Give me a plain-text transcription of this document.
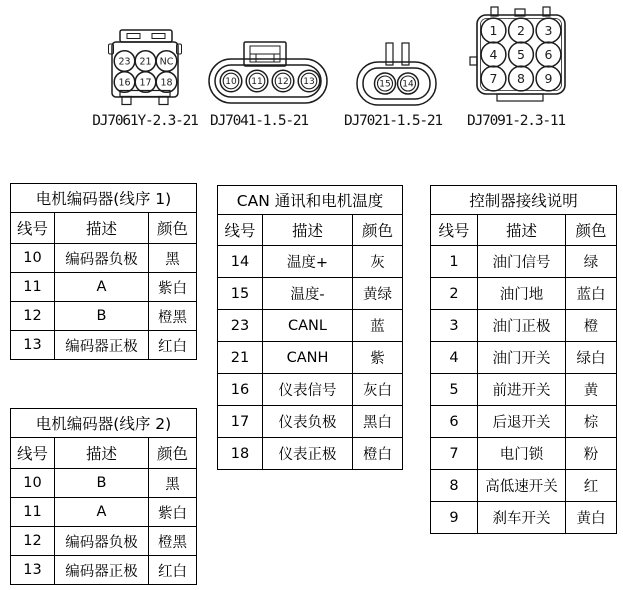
23 21 NC
16 17 18
DJ7061Y-2.3-21
10 11 12 13
DJ7041-1.5-21
15 14
DJ7021-1.5-21
1 2 3
4 5 6
7 8 9
DJ7091-2.3-11
电机编码器(线序 1)		
线号	描述	颜色
10	编码器负极	黑
11	A	紫白
12	B	橙黑
13	编码器正极	红白
电机编码器(线序 2)		
线号	描述	颜色
10	B	黑
11	A	紫白
12	编码器负极	橙黑
13	编码器正极	红白
CAN 通讯和电机温度		
线号	描述	颜色
14	温度+	灰
15	温度-	黄绿
23	CANL	蓝
21	CANH	紫
16	仪表信号	灰白
17	仪表负极	黑白
18	仪表正极	橙白
控制器接线说明		
线号	描述	颜色
1	油门信号	绿
2	油门地	蓝白
3	油门正极	橙
4	油门开关	绿白
5	前进开关	黄
6	后退开关	棕
7	电门锁	粉
8	高低速开关	红
9	刹车开关	黄白
